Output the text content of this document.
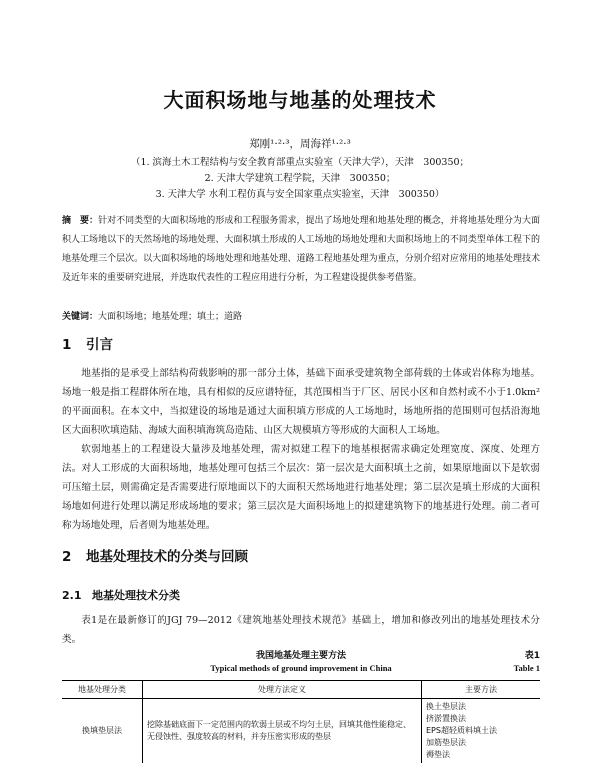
大面积场地与地基的处理技术
郑刚¹·²·³，周海祥¹·²·³
（1. 滨海土木工程结构与安全教育部重点实验室（天津大学），天津　300350；
2. 天津大学建筑工程学院，天津　300350；
3. 天津大学 水利工程仿真与安全国家重点实验室，天津　300350）

摘　要：针对不同类型的大面积场地的形成和工程服务需求，提出了场地处理和地基处理的概念，并将地基处理分为大面积人工场地以下的天然场地的场地处理、大面积填土形成的人工场地的场地处理和大面积场地上的不同类型单体工程下的地基处理三个层次。以大面积场地的场地处理和地基处理、道路工程地基处理为重点，分别介绍对应常用的地基处理技术及近年来的重要研究进展，并选取代表性的工程应用进行分析，为工程建设提供参考借鉴。

关键词：大面积场地；地基处理；填土；道路
1 引言

地基指的是承受上部结构荷载影响的那一部分土体，基础下面承受建筑物全部荷载的土体或岩体称为地基。场地一般是指工程群体所在地，具有相似的反应谱特征，其范围相当于厂区、居民小区和自然村或不小于1.0km²的平面面积。在本文中，当拟建设的场地是通过大面积填方形成的人工场地时，场地所指的范围则可包括沿海地区大面积吹填造陆、海域大面积填海筑岛造陆、山区大规模填方等形成的大面积人工场地。

软弱地基上的工程建设大量涉及地基处理，需对拟建工程下的地基根据需求确定处理宽度、深度、处理方法。对人工形成的大面积场地，地基处理可包括三个层次：第一层次是大面积填土之前，如果原地面以下是软弱可压缩土层，则需确定是否需要进行原地面以下的大面积天然场地进行地基处理；第二层次是填土形成的大面积场地如何进行处理以满足形成场地的要求；第三层次是大面积场地上的拟建建筑物下的地基进行处理。前二者可称为场地处理，后者则为地基处理。

2 地基处理技术的分类与回顾
2.1 地基处理技术分类

表1是在最新修订的JGJ 79—2012《建筑地基处理技术规范》基础上，增加和修改列出的地基处理技术分类。

我国地基处理主要方法	表1
Typical methods of ground improvement in China	Table 1
地基处理分类	处理方法定义	主要方法
换填垫层法	挖除基础底面下一定范围内的软弱土层或不均匀土层，回填其他性能稳定、无侵蚀性、强度较高的材料，并夯压密实形成的垫层	换土垫层法
挤淤置换法
EPS超轻质料填土法
加筋垫层法
褥垫法
